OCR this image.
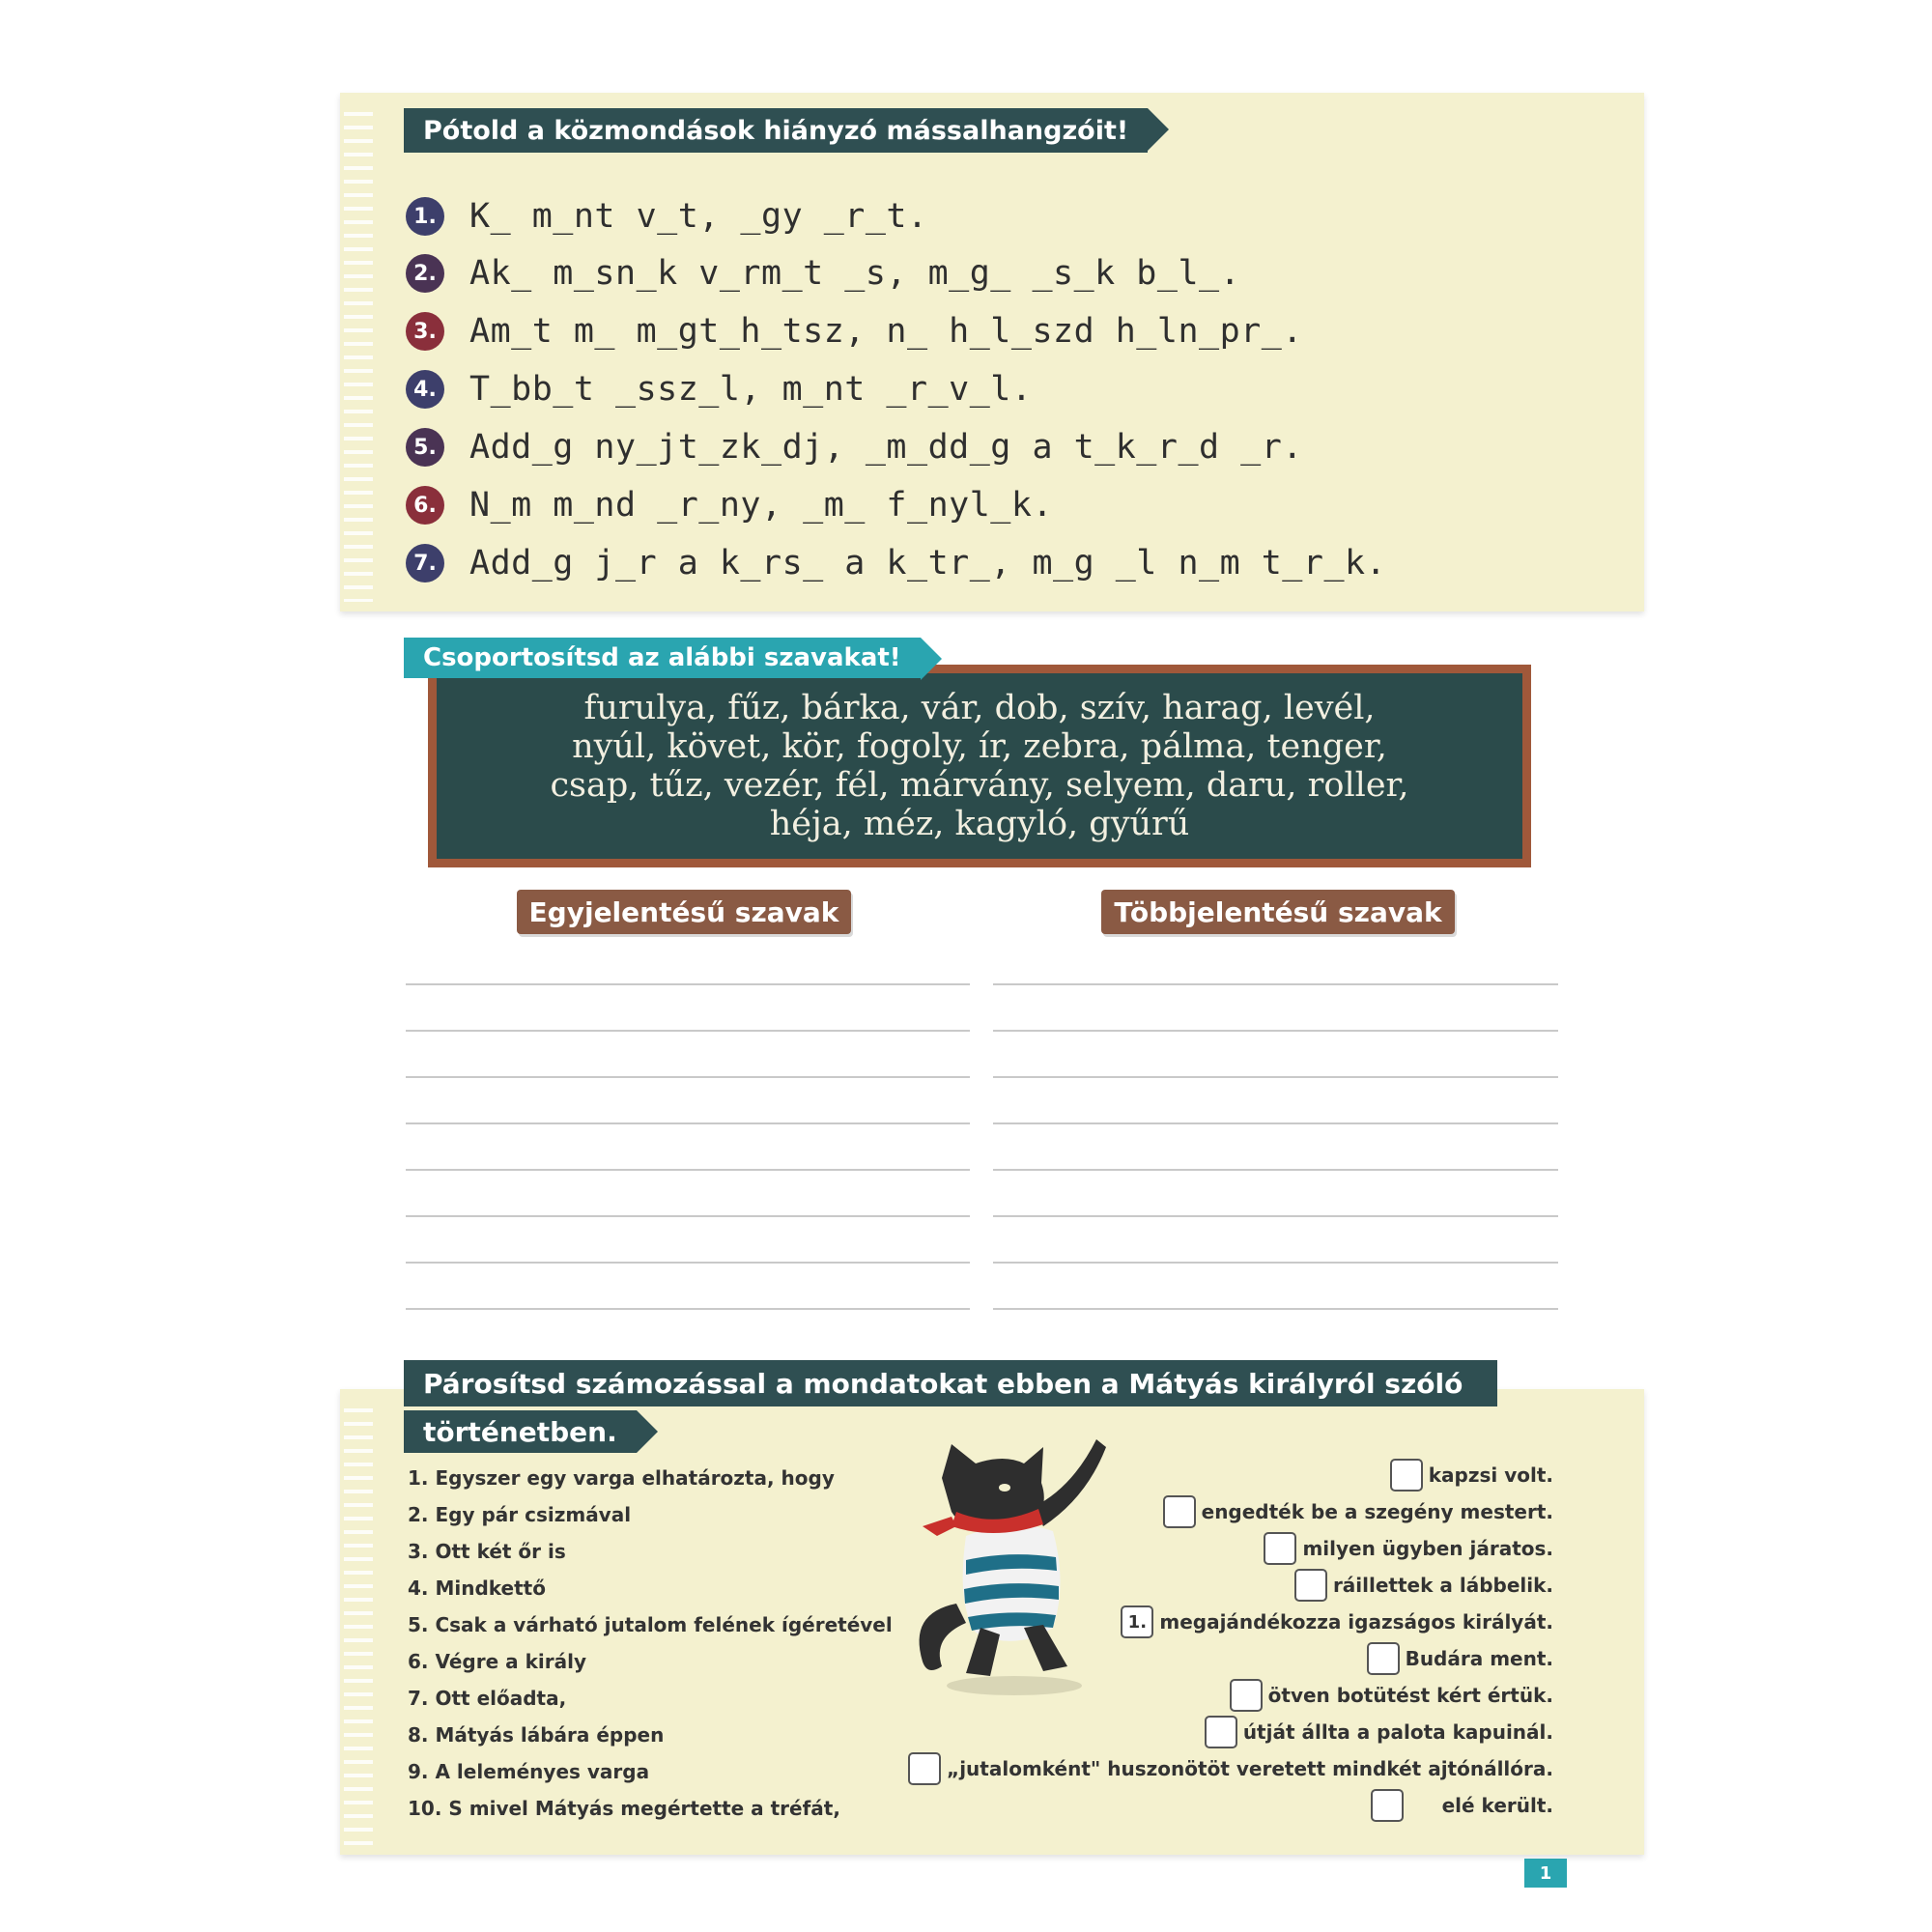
Pótold a közmondások hiányzó mássalhangzóit!
1. K_ m_nt v_t, _gy _r_t.
2. Ak_ m_sn_k v_rm_t _s, m_g_ _s_k b_l_.
3. Am_t m_ m_gt_h_tsz, n_ h_l_szd h_ln_pr_.
4. T_bb_t _ssz_l, m_nt _r_v_l.
5. Add_g ny_jt_zk_dj, _m_dd_g a t_k_r_d _r.
6. N_m m_nd _r_ny, _m_ f_nyl_k.
7. Add_g j_r a k_rs_ a k_tr_, m_g _l n_m t_r_k.
furulya, fűz, bárka, vár, dob, szív, harag, levél,
nyúl, követ, kör, fogoly, ír, zebra, pálma, tenger,
csap, tűz, vezér, fél, márvány, selyem, daru, roller,
héja, méz, kagyló, gyűrű
Csoportosítsd az alábbi szavakat!
Egyjelentésű szavak	Többjelentésű szavak
Párosítsd számozással a mondatokat ebben a Mátyás királyról szóló
történetben.
1. Egyszer egy varga elhatározta, hogy
2. Egy pár csizmával
3. Ott két őr is
4. Mindkettő
5. Csak a várható jutalom felének ígéretével
6. Végre a király
7. Ott előadta,
8. Mátyás lábára éppen
9. A leleményes varga
10. S mivel Mátyás megértette a tréfát,
kapzsi volt.
engedték be a szegény mestert.
milyen ügyben járatos.
ráillettek a lábbelik.
1. megajándékozza igazságos királyát.
Budára ment.
ötven botütést kért értük.
útját állta a palota kapuinál.
„jutalomként" huszonötöt veretett mindkét ajtónállóra.
elé került.
1
